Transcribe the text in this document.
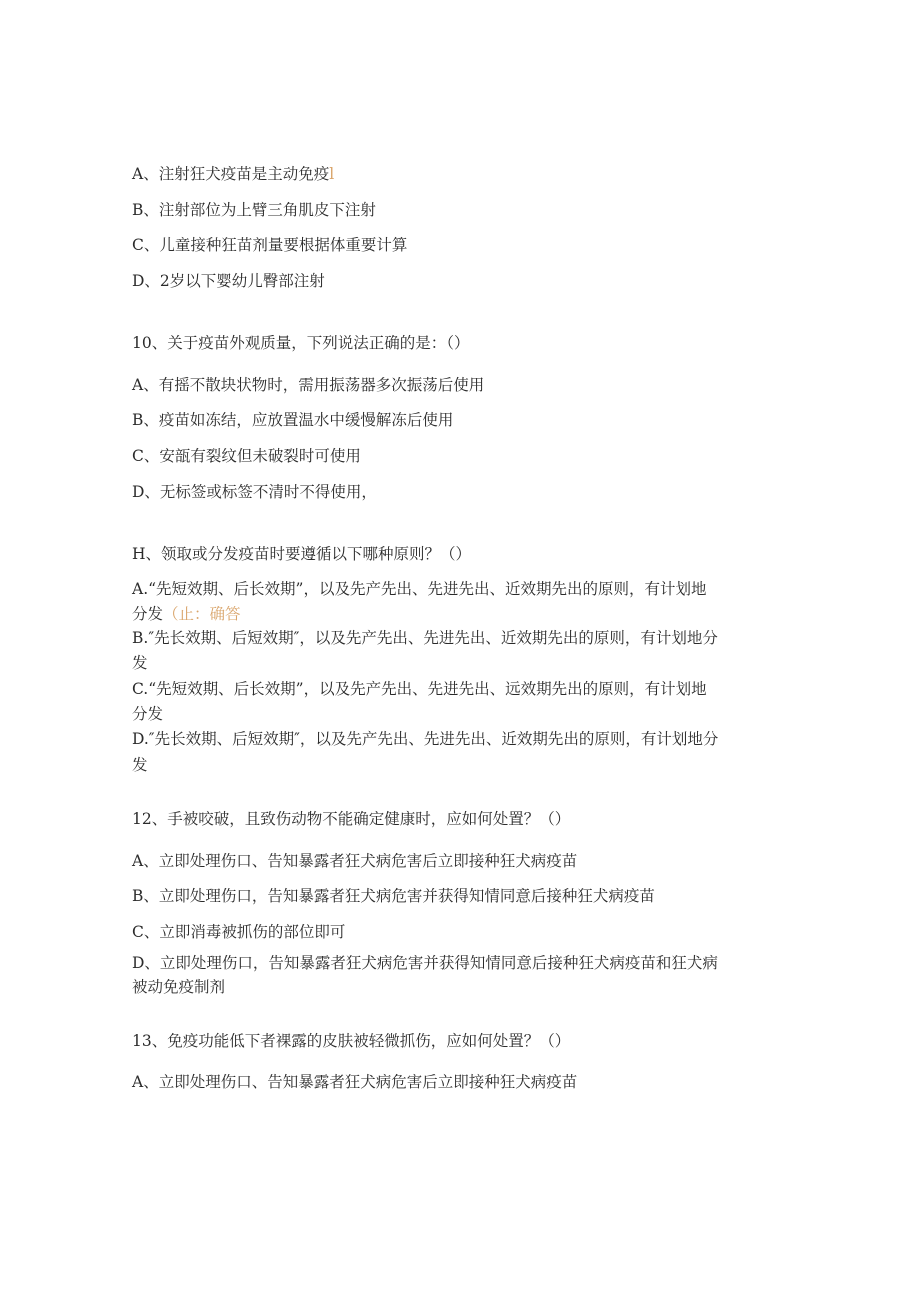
A、注射狂犬疫苗是主动免疫l
B、注射部位为上臂三角肌皮下注射
C、儿童接种狂苗剂量要根据体重要计算
D、2岁以下婴幼儿臀部注射
10、关于疫苗外观质量，下列说法正确的是：（）
A、有摇不散块状物时，需用振荡器多次振荡后使用
B、疫苗如冻结，应放置温水中缓慢解冻后使用
C、安瓿有裂纹但未破裂时可使用
D、无标签或标签不清时不得使用，
H、领取或分发疫苗时要遵循以下哪种原则？（）
A.“先短效期、后长效期”，以及先产先出、先进先出、近效期先出的原则，有计划地
分发（止：确答
B.″先长效期、后短效期″，以及先产先出、先进先出、近效期先出的原则，有计划地分
发
C.“先短效期、后长效期”，以及先产先出、先进先出、远效期先出的原则，有计划地
分发
D.″先长效期、后短效期″，以及先产先出、先进先出、近效期先出的原则，有计划地分
发
12、手被咬破，且致伤动物不能确定健康时，应如何处置？（）
A、立即处理伤口、告知暴露者狂犬病危害后立即接种狂犬病疫苗
B、立即处理伤口，告知暴露者狂犬病危害并获得知情同意后接种狂犬病疫苗
C、立即消毒被抓伤的部位即可
D、立即处理伤口，告知暴露者狂犬病危害并获得知情同意后接种狂犬病疫苗和狂犬病
被动免疫制剂
13、免疫功能低下者裸露的皮肤被轻微抓伤，应如何处置？（）
A、立即处理伤口、告知暴露者狂犬病危害后立即接种狂犬病疫苗
